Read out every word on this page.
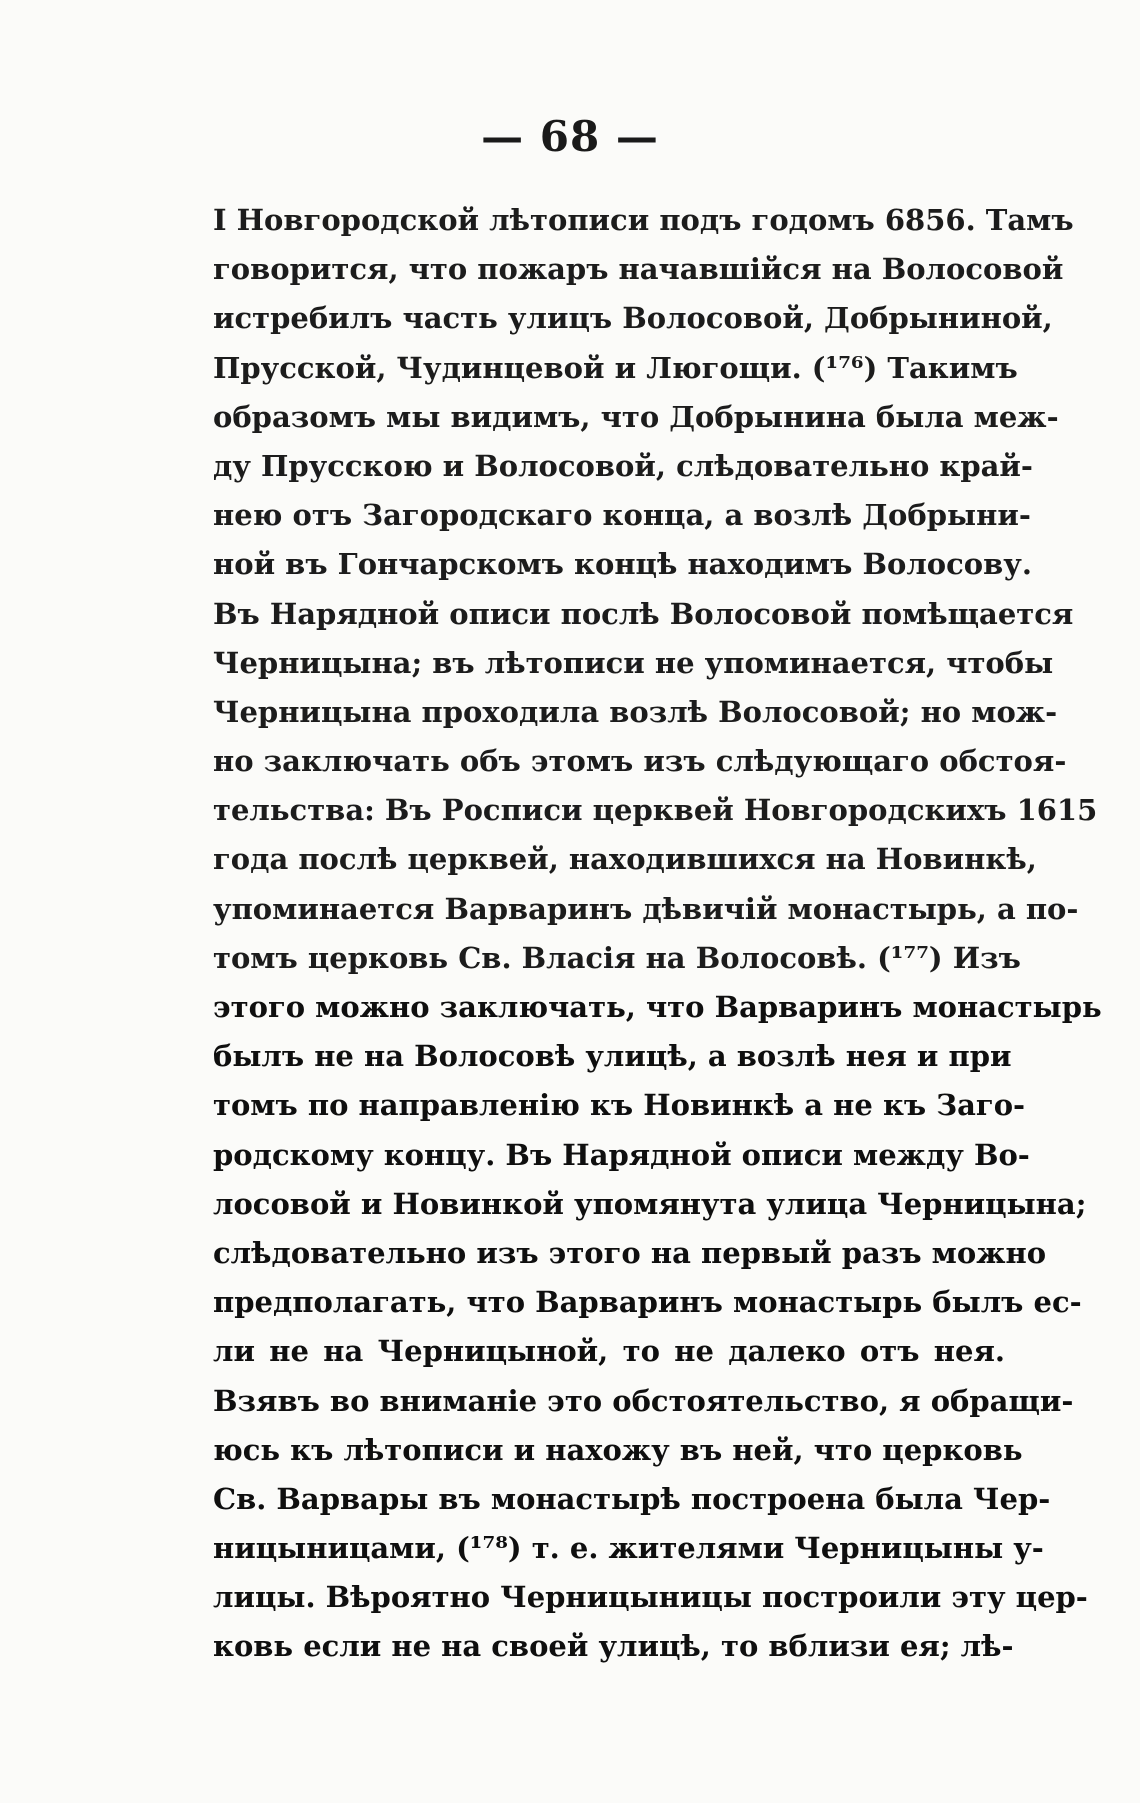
— 68 —
I Новгородской лѣтописи подъ годомъ 6856. Тамъ
говорится, что пожаръ начавшійся на Волосовой
истребилъ часть улицъ Волосовой, Добрыниной,
Прусской, Чудинцевой и Люгощи. (¹⁷⁶) Такимъ
образомъ мы видимъ, что Добрынина была меж-
ду Прусскою и Волосовой, слѣдовательно край-
нею отъ Загородскаго конца, а возлѣ Добрыни-
ной въ Гончарскомъ концѣ находимъ Волосову.
Въ Нарядной описи послѣ Волосовой помѣщается
Черницына; въ лѣтописи не упоминается, чтобы
Черницына проходила возлѣ Волосовой; но мож-
но заключать объ этомъ изъ слѣдующаго обстоя-
тельства: Въ Росписи церквей Новгородскихъ 1615
года послѣ церквей, находившихся на Новинкѣ,
упоминается Варваринъ дѣвичій монастырь, а по-
томъ церковь Св. Власія на Волосовѣ. (¹⁷⁷) Изъ
этого можно заключать, что Варваринъ монастырь
былъ не на Волосовѣ улицѣ, а возлѣ нея и при
томъ по направленію къ Новинкѣ а не къ Заго-
родскому концу. Въ Нарядной описи между Во-
лосовой и Новинкой упомянута улица Черницына;
слѣдовательно изъ этого на первый разъ можно
предполагать, что Варваринъ монастырь былъ ес-
ли не на Черницыной, то не далеко отъ нея.
Взявъ во вниманіе это обстоятельство, я обращи-
юсь къ лѣтописи и нахожу въ ней, что церковь
Св. Варвары въ монастырѣ построена была Чер-
ницыницами, (¹⁷⁸) т. е. жителями Черницыны у-
лицы. Вѣроятно Черницыницы построили эту цер-
ковь если не на своей улицѣ, то вблизи ея; лѣ-
